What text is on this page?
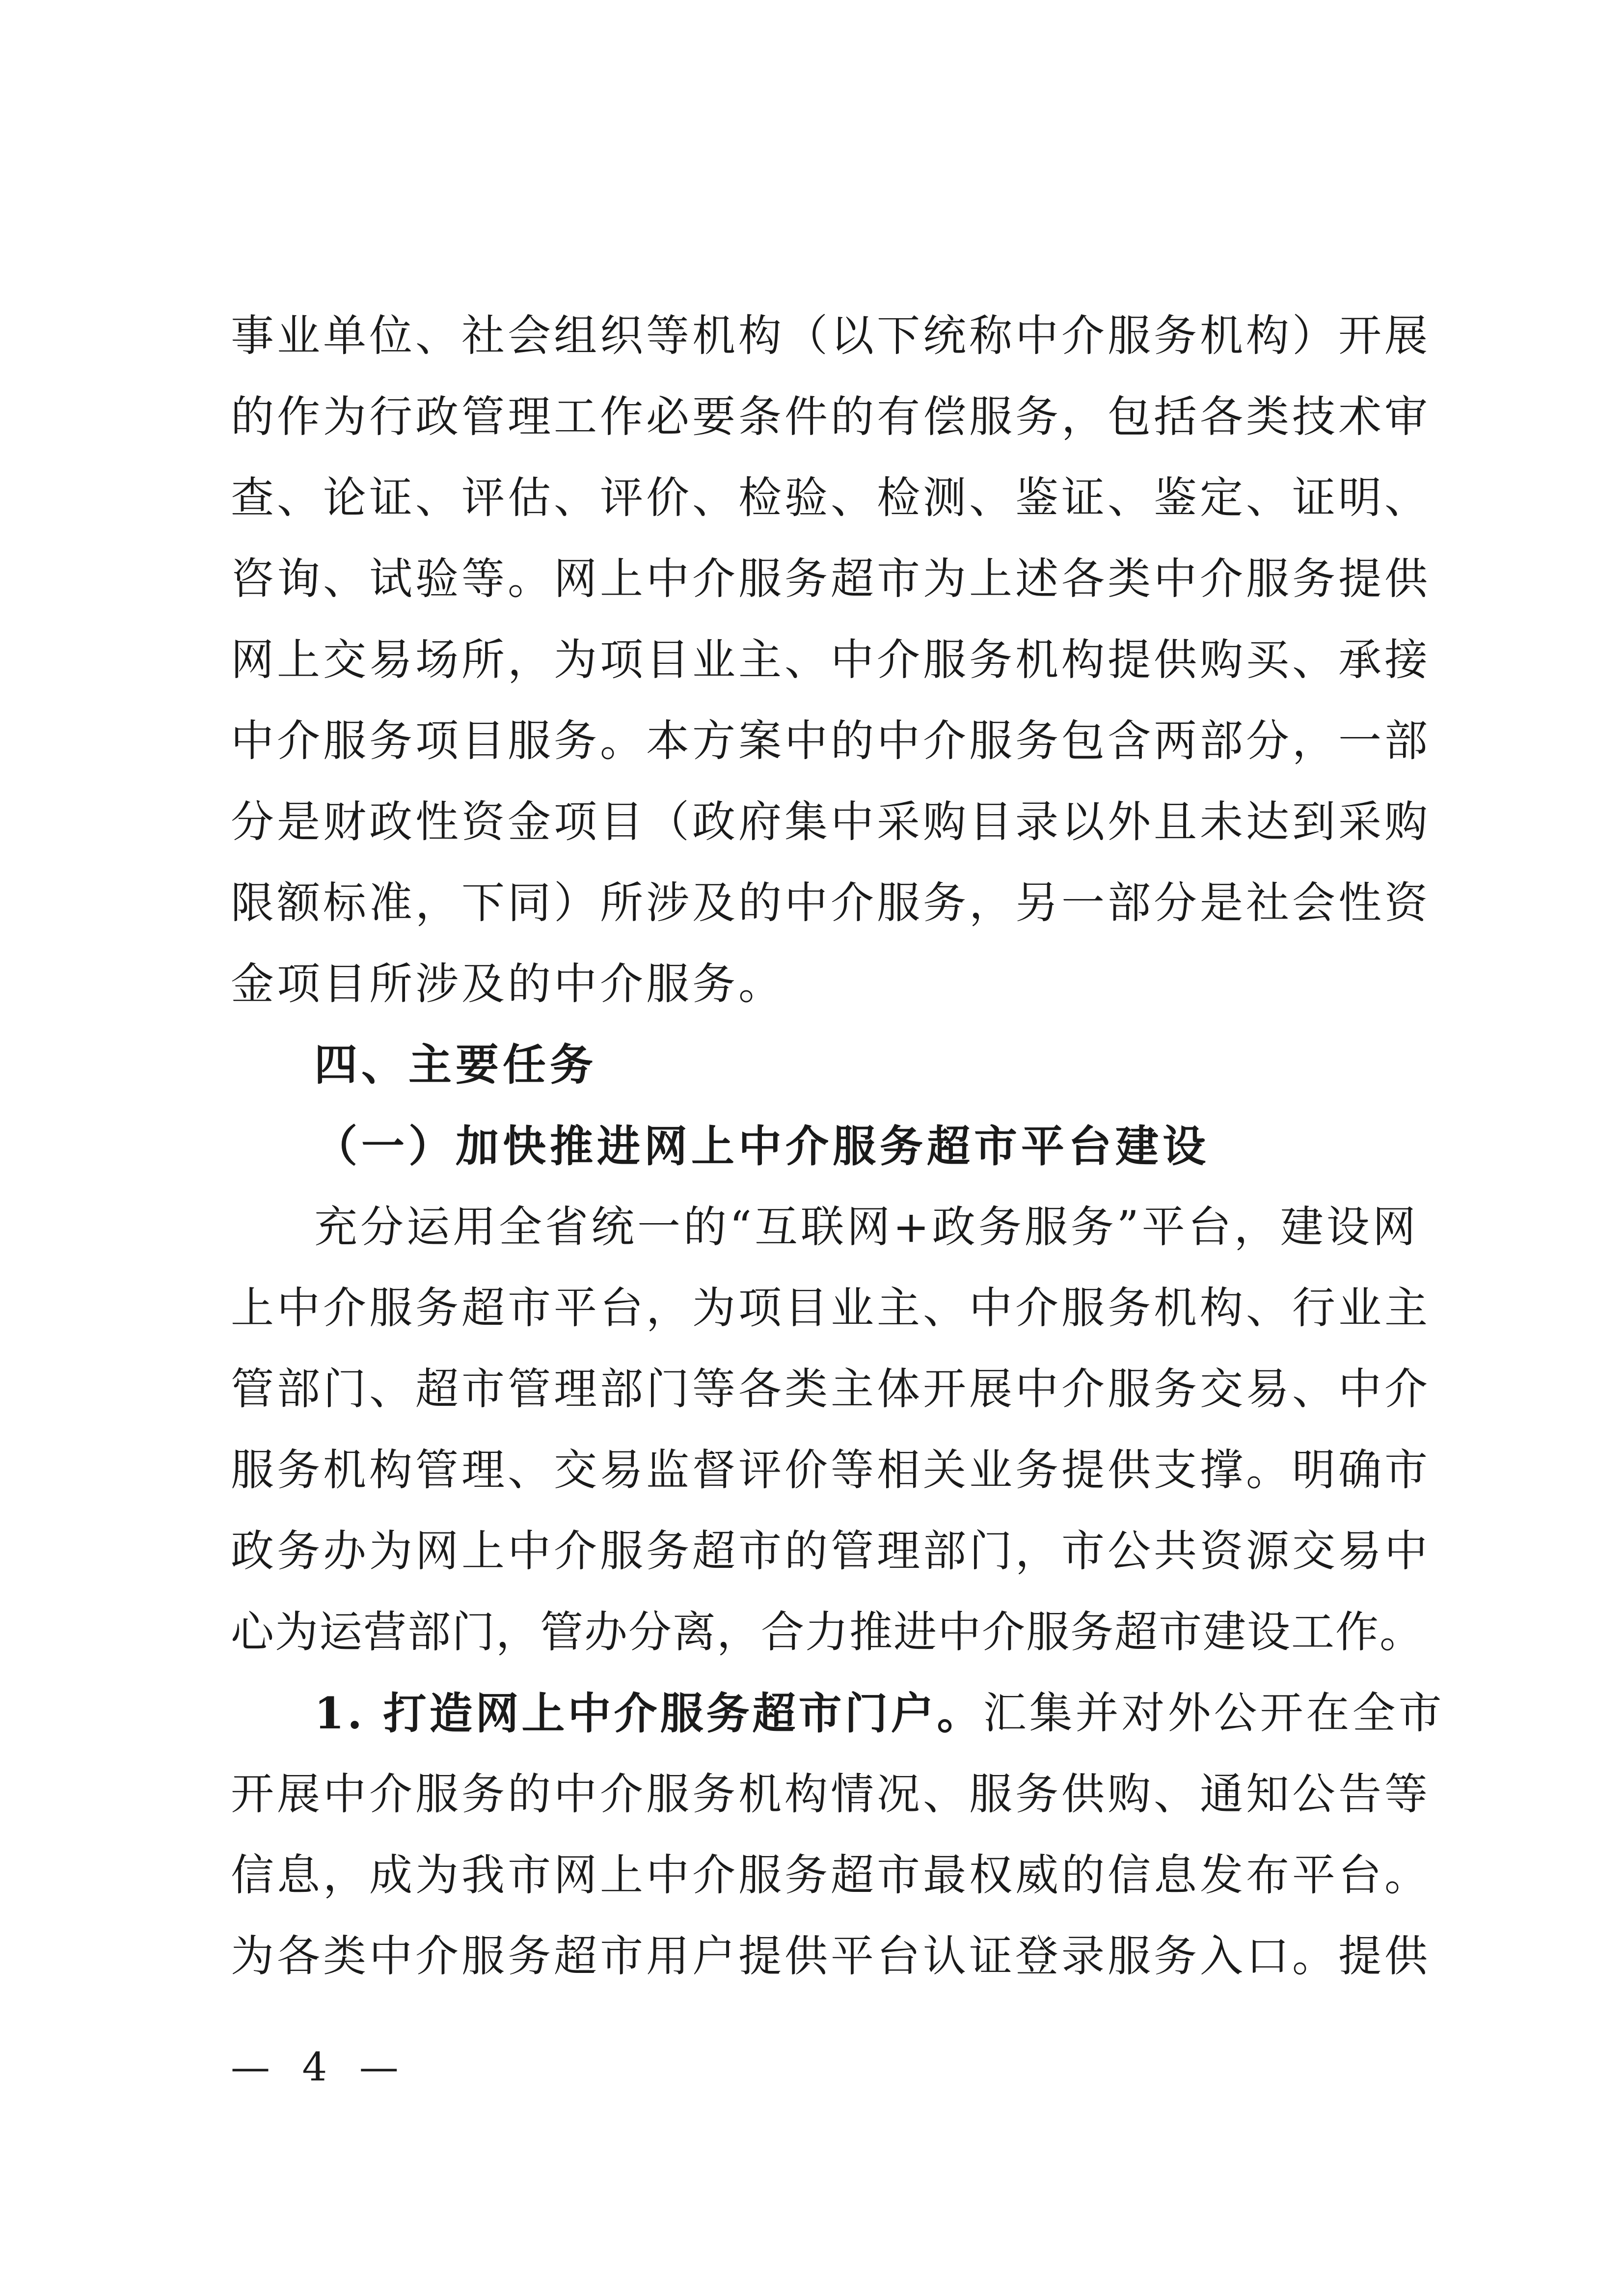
事业单位、社会组织等机构（以下统称中介服务机构）开展
的作为行政管理工作必要条件的有偿服务，包括各类技术审
查、论证、评估、评价、检验、检测、鉴证、鉴定、证明、
咨询、试验等。网上中介服务超市为上述各类中介服务提供
网上交易场所，为项目业主、中介服务机构提供购买、承接
中介服务项目服务。本方案中的中介服务包含两部分，一部
分是财政性资金项目（政府集中采购目录以外且未达到采购
限额标准，下同）所涉及的中介服务，另一部分是社会性资
金项目所涉及的中介服务。
四、主要任务
（一）加快推进网上中介服务超市平台建设
充分运用全省统一的“互联网+政务服务”平台，建设网
上中介服务超市平台，为项目业主、中介服务机构、行业主
管部门、超市管理部门等各类主体开展中介服务交易、中介
服务机构管理、交易监督评价等相关业务提供支撑。明确市
政务办为网上中介服务超市的管理部门，市公共资源交易中
心为运营部门，管办分离，合力推进中介服务超市建设工作。
1. 打造网上中介服务超市门户。 汇集并对外公开在全市
开展中介服务的中介服务机构情况、服务供购、通知公告等
信息，成为我市网上中介服务超市最权威的信息发布平台。
为各类中介服务超市用户提供平台认证登录服务入口。提供
— 4 —
